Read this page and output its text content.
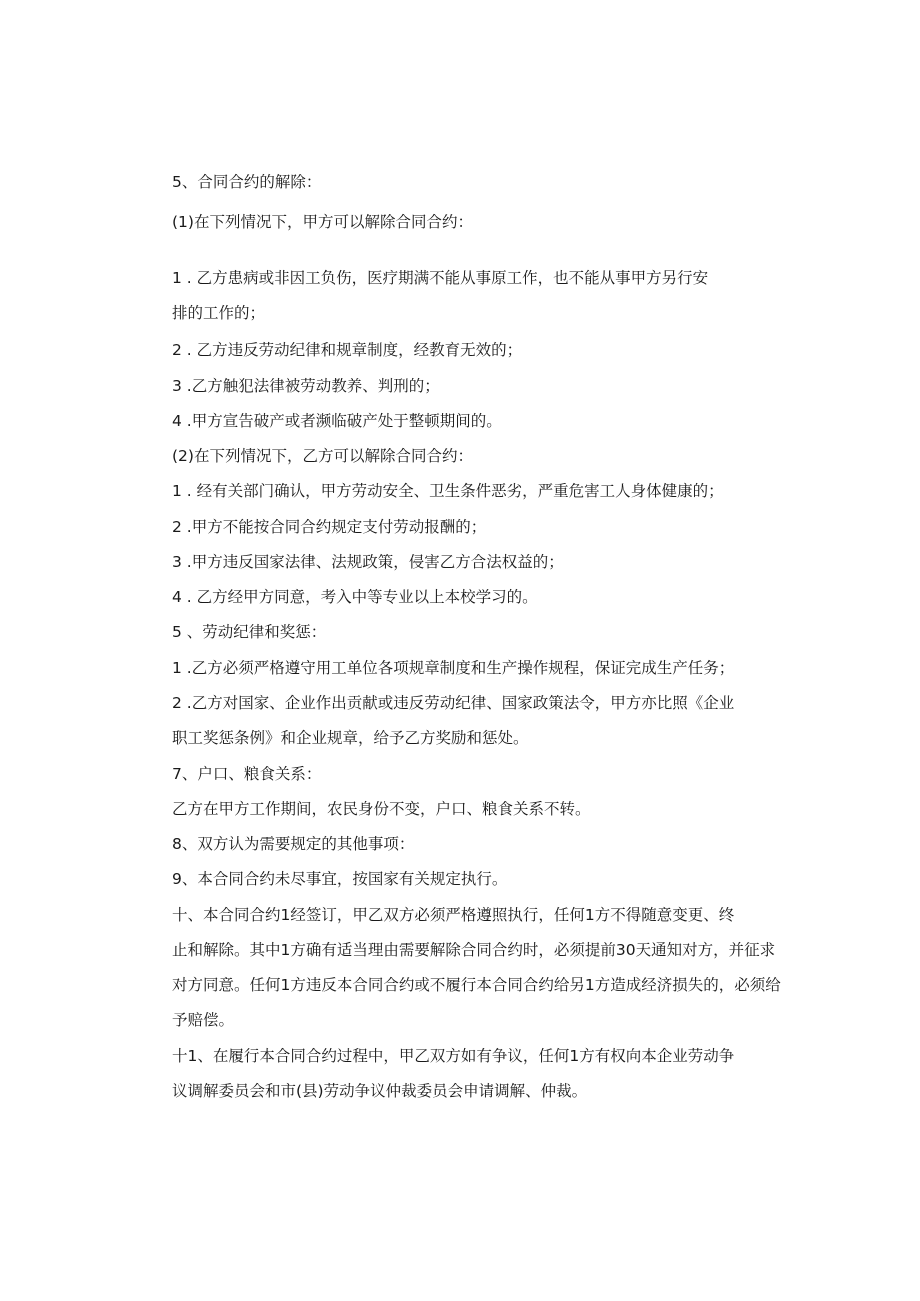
5、合同合约的解除：

(1)在下列情况下，甲方可以解除合同合约：

1 . 乙方患病或非因工负伤，医疗期满不能从事原工作，也不能从事甲方另行安

排的工作的；

2 . 乙方违反劳动纪律和规章制度，经教育无效的；

3 .乙方触犯法律被劳动教养、判刑的；

4 .甲方宣告破产或者濒临破产处于整顿期间的。

(2)在下列情况下，乙方可以解除合同合约：

1 . 经有关部门确认，甲方劳动安全、卫生条件恶劣，严重危害工人身体健康的；

2 .甲方不能按合同合约规定支付劳动报酬的；

3 .甲方违反国家法律、法规政策，侵害乙方合法权益的；

4 . 乙方经甲方同意，考入中等专业以上本校学习的。

5 、劳动纪律和奖惩：

1 .乙方必须严格遵守用工单位各项规章制度和生产操作规程，保证完成生产任务；

2 .乙方对国家、企业作出贡献或违反劳动纪律、国家政策法令，甲方亦比照《企业

职工奖惩条例》和企业规章，给予乙方奖励和惩处。

7、户口、粮食关系：

乙方在甲方工作期间，农民身份不变，户口、粮食关系不转。

8、双方认为需要规定的其他事项：

9、本合同合约未尽事宜，按国家有关规定执行。

十、本合同合约1经签订，甲乙双方必须严格遵照执行，任何1方不得随意变更、终

止和解除。其中1方确有适当理由需要解除合同合约时，必须提前30天通知对方，并征求

对方同意。任何1方违反本合同合约或不履行本合同合约给另1方造成经济损失的，必须给

予赔偿。

十1、在履行本合同合约过程中，甲乙双方如有争议，任何1方有权向本企业劳动争

议调解委员会和市(县)劳动争议仲裁委员会申请调解、仲裁。
